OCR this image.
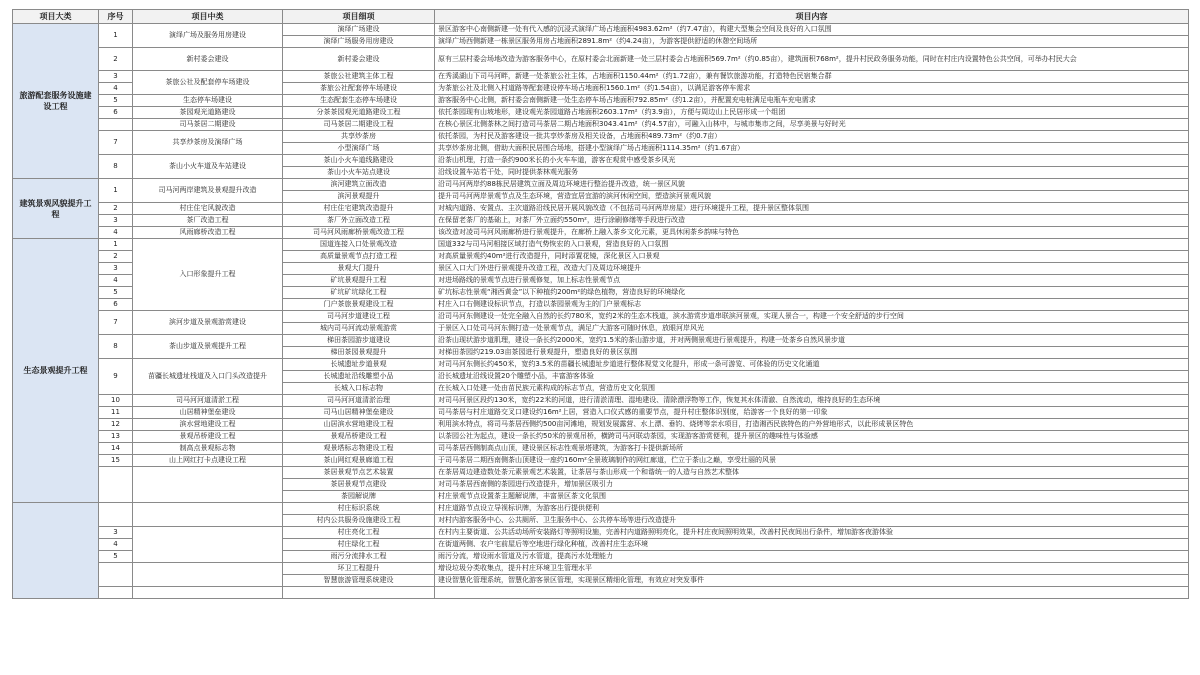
项目大类	序号	项目中类	项目细项	项目内容
旅游配套服务设施建设工程	1	演绎广场及服务用房建设	演绎广场建设	景区游客中心南侧新建一处有代入感的沉浸式演绎广场占地面积4983.62m²（约7.47亩），构建大型集会空间及良好的入口氛围
			演绎广场服务用房建设	演绎广场西侧新建一栋景区服务用房占地面积2891.8m²（约4.24亩），为游客提供舒适的休憩空间场所
	2	新村委会建设	新村委会建设	原有三层村委会场地改造为游客服务中心，在原村委会北面新建一处三层村委会占地面积569.7m²（约0.85亩），建筑面积768m²，提升村民政务服务功能，同时在村庄内设置特色公共空间，可举办村民大会
	3	茶旅公社及配套停车场建设	茶旅公社建筑主体工程	在秀溪湖山下司马河畔，新建一处茶旅公社主体，占地面积1150.44m²（约1.72亩），兼有餐饮旅游功能，打造特色民宿集合群
	4		茶旅公社配套停车场建设	为茶旅公社及北侧入村道路等配套建设停车场占地面积1560.1m²（约1.54亩），以满足游客停车需求
	5	生态停车场建设	生态配套生态停车场建设	游客服务中心北侧，新村委会南侧新建一处生态停车场占地面积792.85m²（约1.2亩），并配置充电桩满足电瓶车充电需求
	6	茶园观光道路建设	分茶茶园观光道路建设工程	依托茶园现有山坡地形，建设观光茶园道路占地面积2603.17m²（约3.9亩），方便与周边山上民居形成一个组团
		司马茶居二期建设	司马茶居二期建设工程	在核心景区北侧茶林之间打造司马茶居二期占地面积3043.41m²（约4.57亩），可融入山林中，与城市集市之间，尽享美景与好时光
	7	共享炒茶房及演绎广场	共享炒茶房	依托茶园，为村民及游客建设一批共享炒茶房及相关设备，占地面积489.73m²（约0.7亩）
			小型演绎广场	共享炒茶房北侧，借助大面积民居围合场地，搭建小型演绎广场占地面积1114.35m²（约1.67亩）
	8	茶山小火车道及车站建设	茶山小火车道线路建设	沿茶山机理，打造一条约900米长的小火车车道，游客在观赏中感受茶乡风光
			茶山小火车站点建设	沿线设置车站若干处，同时提供茶林观光服务
建筑景观风貌提升工程	1	司马河两岸建筑及景观提升改造	滨河建筑立面改造	沿司马河两岸约88栋民居建筑立面及周边环境进行整治提升改造，统一景区风貌
			滨河景观提升	提升司马河两岸景观节点及生态环境，营造宜居宜游的滨河休闲空间，塑造滨河景观风貌
	2	村庄住宅风貌改造	村庄住宅建筑改造提升	对城内道路、安置点、主次道路沿线民居开展风貌改造（不包括司马河两岸房屋）进行环境提升工程，提升景区整体氛围
	3	茶厂改造工程	茶厂外立面改造工程	在保留老茶厂的基础上，对茶厂外立面约550m²，进行涂刷修缮等手段进行改造
	4	风雨廊桥改造工程	司马河风雨廊桥景观改造工程	该改造对凌司马河风雨廊桥进行景观提升，在廊桥上融入茶乡文化元素，更具休闲茶乡韵味与特色
生态景观提升工程	1	入口形象提升工程	国道连接入口处景观改造	国道332与司马河相接区域打造气势恢宏的入口景观，营造良好的入口氛围
	2		高质量景观节点打造工程	对高质量景观约40m²进行改造提升，同时添置花镜，深化景区入口景观
	3		景观大门提升	景区入口大门外进行景观提升改造工程，改造大门及周边环境提升
	4		矿坑景观提升工程	对进场路线的景观节点进行景观修复，加上标志性景观节点
	5		矿坑矿坑绿化工程	矿坑标志性景观“湘西黄金”以下种植约200m²的绿色植物，营造良好的环境绿化
	6		门户茶旅景观建设工程	村庄入口右侧建设标识节点，打造以茶园景观为主的门户景观标志
	7	滨河步道及景观游赏建设	司马河步道建设工程	沿司马河东侧建设一处完全融入自然的长约780米，宽约2米的生态木栈道，滨水游赏步道串联滨河景观，实现人景合一，构建一个安全舒适的步行空间
			城内司马河流动景观游赏	于景区入口处司马河东侧打造一处景观节点，满足广大游客可随时休息，放眼河岸风光
	8	茶山步道及景观提升工程	梯田茶园游步道建设	沿茶山现状游步道肌理，建设一条长约2000米，宽约1.5米的茶山游步道，并对两侧景观进行景观提升，构建一处茶乡自然风景步道
			梯田茶园景观提升	对梯田茶园约219.03亩茶园进行景观提升，塑造良好的景区氛围
	9	苗疆长城遗址栈道及入口门头改造提升	长城遗址步道景观	对司马河东侧长约450米，宽约3.5米的苗疆长城遗址步道进行整体视觉文化提升，形成一条可游览、可体验的历史文化通道
			长城遗址沿线雕塑小品	沿长城遗址沿线设置20个雕塑小品，丰富游客体验
			长城入口标志物	在长城入口处建一处由苗民族元素构成的标志节点，营造历史文化氛围
	10	司马河河道清淤工程	司马河河道清淤治理	对司马河景区段约130米，宽约22米的河道，进行清淤清理、湿地建设、清除漂浮物等工作，恢复其水体清澈、自然流动，维持良好的生态环境
	11	山居精神堡垒建设	司马山居精神堡垒建设	司马茶居与村庄道路交叉口建设约16m²上居，营造入口仪式感的重要节点，提升村庄整体识别度，给游客一个良好的第一印象
	12	滨水营地建设工程	山居滨水营地建设工程	利用滨水特点，将司马茶居西侧约500亩河滩地，规划发展露营、水上漂、垂钓、烧烤等亲水项目，打造湘西民族特色的户外营地形式，以此形成景区特色
	13	景观吊桥建设工程	景观吊桥建设工程	以茶园公社为起点，建设一条长约50米的景观吊桥，横跨司马河联动茶园，实现游客游赏便利，提升景区的趣味性与体验感
	14	制高点景观标志物	观景塔标志物建设工程	司马茶居西侧制高点山顶，建设景区标志性观景塔建筑，为游客打卡提供新场所
	15	山上网红打卡点建设工程	茶山网红观景廊道工程	于司马茶居二期西南侧茶山顶建设一座约160m²全景玻璃制作的网红廊道，伫立于茶山之巅，享受壮丽的风景
			茶居景观节点艺术装置	在茶居周边建造数处茶元素景观艺术装置，让茶居与茶山形成一个和谐统一的人造与自然艺术整体
			茶居景观节点建设	对司马茶居西南侧的茶园进行改造提升，增加景区吸引力
			茶园解说牌	村庄景观节点设置茶主题解说牌，丰富景区茶文化氛围
			村庄标识系统	村庄道路节点设立导视标识牌，为游客出行提供便利
			村内公共服务设施建设工程	对村内游客服务中心、公共厕所、卫生服务中心、公共停车场等进行改造提升
	3		村庄亮化工程	在村内主要街道、公共活动场所安装路灯等照明设施，完善村内道路照明亮化，提升村庄夜间照明效果，改善村民夜间出行条件，增加游客夜游体验
	4		村庄绿化工程	在街道两侧、农户宅前屋后等空地进行绿化种植，改善村庄生态环境
	5		雨污分流排水工程	雨污分流，增设雨水管道及污水管道，提高污水处理能力
			环卫工程提升	增设垃圾分类收集点，提升村庄环境卫生管理水平
			智慧旅游管理系统建设	建设智慧化管理系统，智慧化游客景区管理，实现景区精细化管理，有效应对突发事件
